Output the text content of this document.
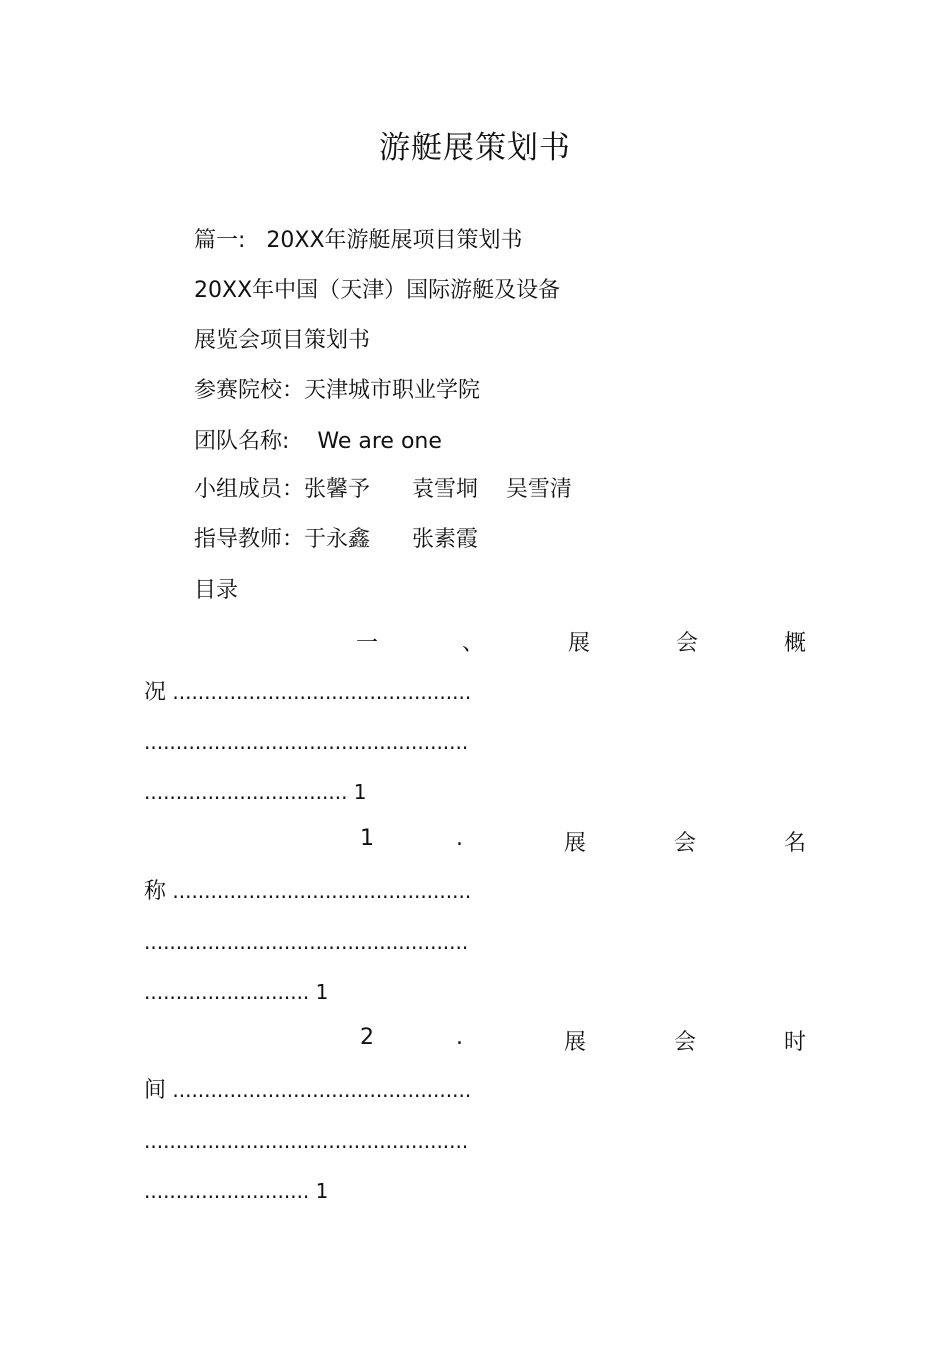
游艇展策划书
篇一:   20XX年游艇展项目策划书
20XX年中国（天津）国际游艇及设备
展览会项目策划书
参赛院校：天津城市职业学院
团队名称:    We are one
小组成员：张馨予      袁雪垌    吴雪清
指导教师：于永鑫      张素霞
目录
一	、	展	会	概
况 ...............................................
...................................................
................................ 1
1	.	展	会	名
称 ...............................................
...................................................
.......................... 1
2	.	展	会	时
间 ...............................................
...................................................
.......................... 1
